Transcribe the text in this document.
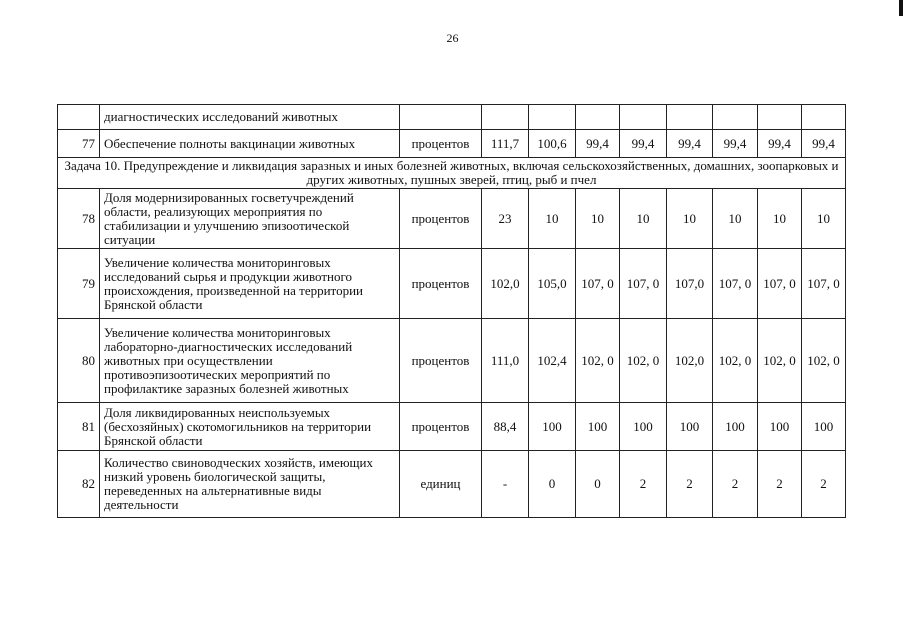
26
	диагностических исследований животных									
77	Обеспечение полноты вакцинации животных	процентов	111,7	100,6	99,4	99,4	99,4	99,4	99,4	99,4
Задача 10. Предупреждение и ликвидация заразных и иных болезней животных, включая сельскохозяйственных, домашних, зоопарковых и других животных, пушных зверей, птиц, рыб и пчел										
78	Доля модернизированных госветучреждений области, реализующих мероприятия по стабилизации и улучшению эпизоотической ситуации	процентов	23	10	10	10	10	10	10	10
79	Увеличение количества мониторинговых исследований сырья и продукции животного происхождения, произведенной на территории Брянской области	процентов	102,0	105,0	107, 0	107, 0	107,0	107, 0	107, 0	107, 0
80	Увеличение количества мониторинговых лабораторно-диагностических исследований животных при осуществлении противоэпизоотических мероприятий по профилактике заразных болезней животных	процентов	111,0	102,4	102, 0	102, 0	102,0	102, 0	102, 0	102, 0
81	Доля ликвидированных неиспользуемых (бесхозяйных) скотомогильников на территории Брянской области	процентов	88,4	100	100	100	100	100	100	100
82	Количество свиноводческих хозяйств, имеющих низкий уровень биологической защиты, переведенных на альтернативные виды деятельности	единиц	-	0	0	2	2	2	2	2
